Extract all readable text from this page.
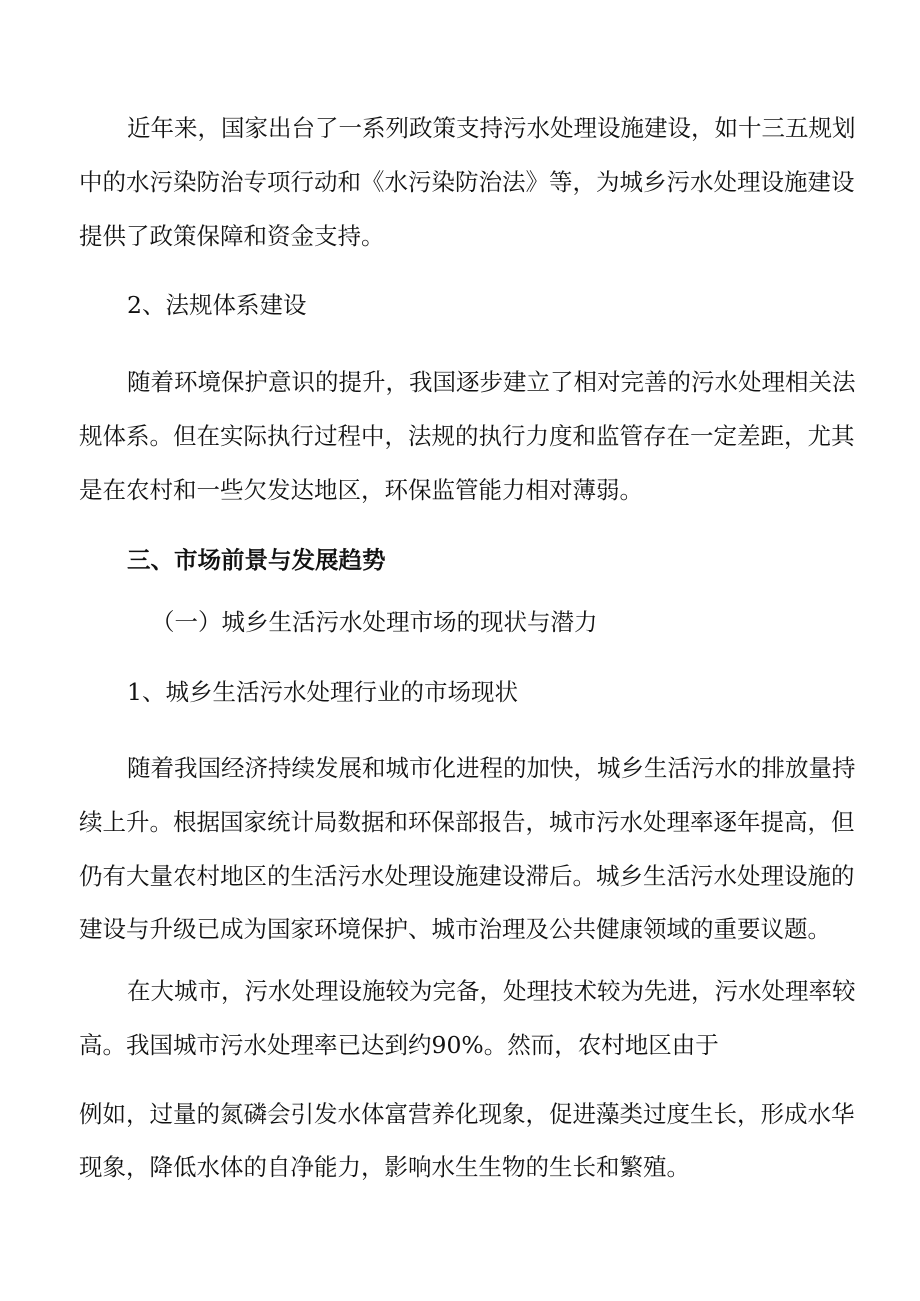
近年来，国家出台了一系列政策支持污水处理设施建设，如十三五规划
中的水污染防治专项行动和《水污染防治法》等，为城乡污水处理设施建设
提供了政策保障和资金支持。
2、法规体系建设
随着环境保护意识的提升，我国逐步建立了相对完善的污水处理相关法
规体系。但在实际执行过程中，法规的执行力度和监管存在一定差距，尤其
是在农村和一些欠发达地区，环保监管能力相对薄弱。
三、市场前景与发展趋势
（一）城乡生活污水处理市场的现状与潜力
1、城乡生活污水处理行业的市场现状
随着我国经济持续发展和城市化进程的加快，城乡生活污水的排放量持
续上升。根据国家统计局数据和环保部报告，城市污水处理率逐年提高，但
仍有大量农村地区的生活污水处理设施建设滞后。城乡生活污水处理设施的
建设与升级已成为国家环境保护、城市治理及公共健康领域的重要议题。
在大城市，污水处理设施较为完备，处理技术较为先进，污水处理率较
高。我国城市污水处理率已达到约90%。然而，农村地区由于
例如，过量的氮磷会引发水体富营养化现象，促进藻类过度生长，形成水华
现象，降低水体的自净能力，影响水生生物的生长和繁殖。
